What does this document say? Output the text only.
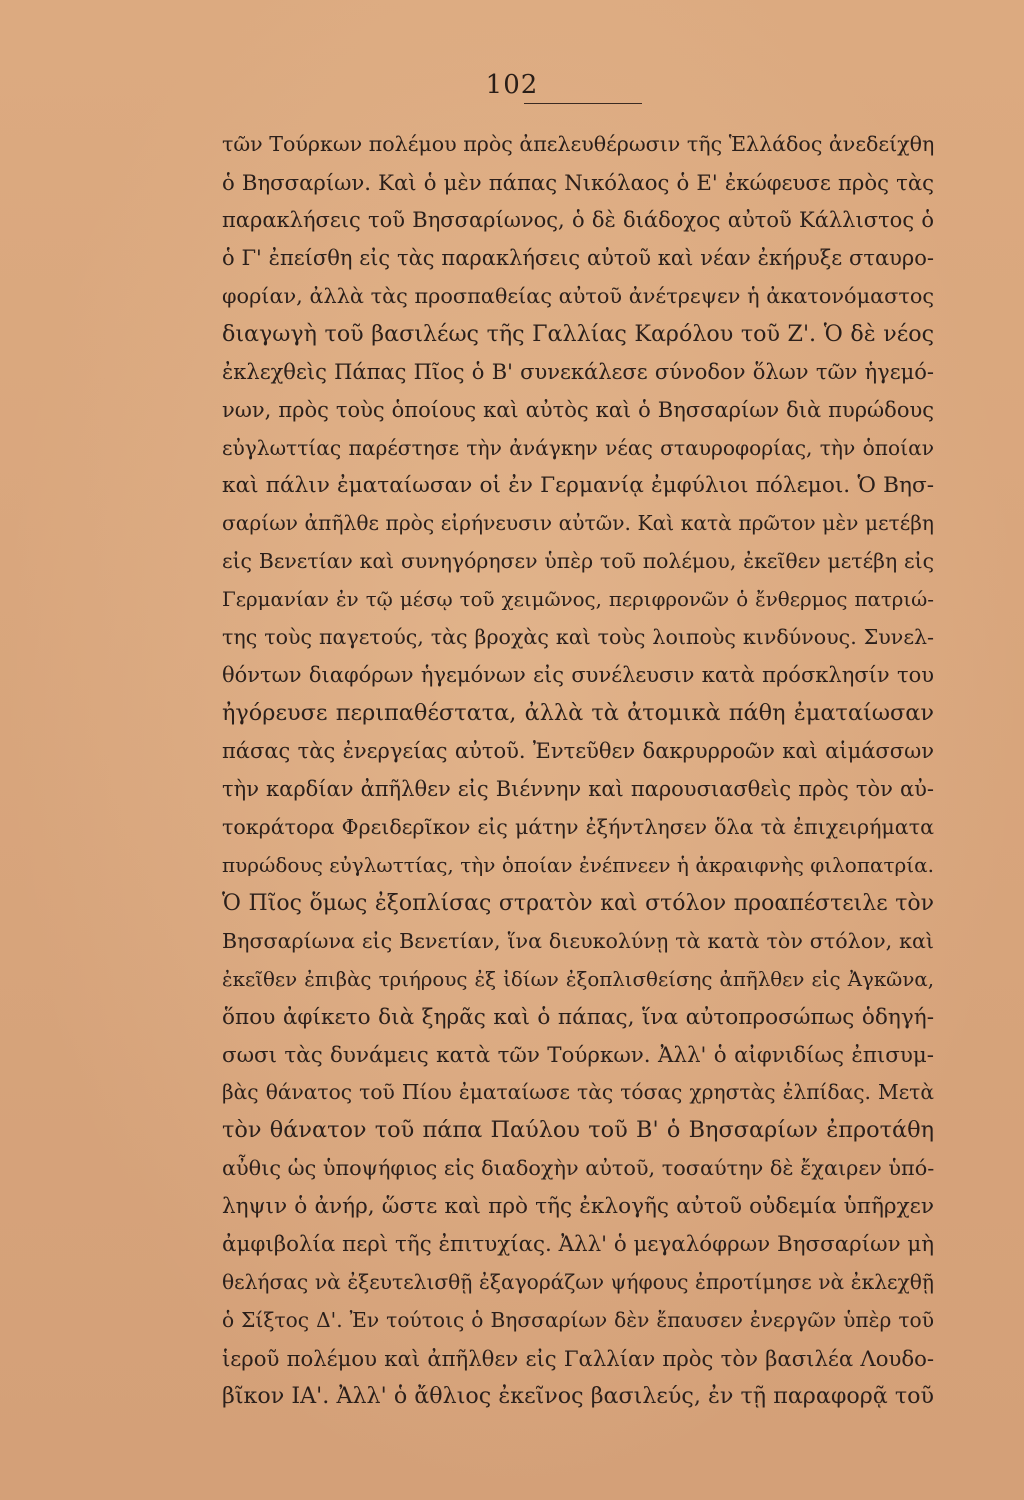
102
τῶν Τούρκων πολέμου πρὸς ἀπελευθέρωσιν τῆς Ἑλλάδος ἀνεδείχθη
ὁ Βησσαρίων. Καὶ ὁ μὲν πάπας Νικόλαος ὁ Ε' ἐκώφευσε πρὸς τὰς
παρακλήσεις τοῦ Βησσαρίωνος, ὁ δὲ διάδοχος αὐτοῦ Κάλλιστος ὁ
ὁ Γ' ἐπείσθη εἰς τὰς παρακλήσεις αὐτοῦ καὶ νέαν ἐκήρυξε σταυρο-
φορίαν, ἀλλὰ τὰς προσπαθείας αὐτοῦ ἀνέτρεψεν ἡ ἀκατονόμαστος
διαγωγὴ τοῦ βασιλέως τῆς Γαλλίας Καρόλου τοῦ Ζ'. Ὁ δὲ νέος
ἐκλεχθεὶς Πάπας Πῖος ὁ Β' συνεκάλεσε σύνοδον ὅλων τῶν ἡγεμό-
νων, πρὸς τοὺς ὁποίους καὶ αὐτὸς καὶ ὁ Βησσαρίων διὰ πυρώδους
εὐγλωττίας παρέστησε τὴν ἀνάγκην νέας σταυροφορίας, τὴν ὁποίαν
καὶ πάλιν ἐματαίωσαν οἱ ἐν Γερμανίᾳ ἐμφύλιοι πόλεμοι. Ὁ Βησ-
σαρίων ἀπῆλθε πρὸς εἰρήνευσιν αὐτῶν. Καὶ κατὰ πρῶτον μὲν μετέβη
εἰς Βενετίαν καὶ συνηγόρησεν ὑπὲρ τοῦ πολέμου, ἐκεῖθεν μετέβη εἰς
Γερμανίαν ἐν τῷ μέσῳ τοῦ χειμῶνος, περιφρονῶν ὁ ἔνθερμος πατριώ-
της τοὺς παγετούς, τὰς βροχὰς καὶ τοὺς λοιποὺς κινδύνους. Συνελ-
θόντων διαφόρων ἡγεμόνων εἰς συνέλευσιν κατὰ πρόσκλησίν του
ἠγόρευσε περιπαθέστατα, ἀλλὰ τὰ ἀτομικὰ πάθη ἐματαίωσαν
πάσας τὰς ἐνεργείας αὐτοῦ. Ἐντεῦθεν δακρυρροῶν καὶ αἱμάσσων
τὴν καρδίαν ἀπῆλθεν εἰς Βιέννην καὶ παρουσιασθεὶς πρὸς τὸν αὐ-
τοκράτορα Φρειδερῖκον εἰς μάτην ἐξήντλησεν ὅλα τὰ ἐπιχειρήματα
πυρώδους εὐγλωττίας, τὴν ὁποίαν ἐνέπνεεν ἡ ἀκραιφνὴς φιλοπατρία.
Ὁ Πῖος ὅμως ἐξοπλίσας στρατὸν καὶ στόλον προαπέστειλε τὸν
Βησσαρίωνα εἰς Βενετίαν, ἵνα διευκολύνῃ τὰ κατὰ τὸν στόλον, καὶ
ἐκεῖθεν ἐπιβὰς τριήρους ἐξ ἰδίων ἐξοπλισθείσης ἀπῆλθεν εἰς Ἀγκῶνα,
ὅπου ἀφίκετο διὰ ξηρᾶς καὶ ὁ πάπας, ἵνα αὐτοπροσώπως ὁδηγή-
σωσι τὰς δυνάμεις κατὰ τῶν Τούρκων. Ἀλλ' ὁ αἰφνιδίως ἐπισυμ-
βὰς θάνατος τοῦ Πίου ἐματαίωσε τὰς τόσας χρηστὰς ἐλπίδας. Μετὰ
τὸν θάνατον τοῦ πάπα Παύλου τοῦ Β' ὁ Βησσαρίων ἐπροτάθη
αὖθις ὡς ὑποψήφιος εἰς διαδοχὴν αὐτοῦ, τοσαύτην δὲ ἔχαιρεν ὑπό-
ληψιν ὁ ἀνήρ, ὥστε καὶ πρὸ τῆς ἐκλογῆς αὐτοῦ οὐδεμία ὑπῆρχεν
ἀμφιβολία περὶ τῆς ἐπιτυχίας. Ἀλλ' ὁ μεγαλόφρων Βησσαρίων μὴ
θελήσας νὰ ἐξευτελισθῇ ἐξαγοράζων ψήφους ἐπροτίμησε νὰ ἐκλεχθῇ
ὁ Σίξτος Δ'. Ἐν τούτοις ὁ Βησσαρίων δὲν ἔπαυσεν ἐνεργῶν ὑπὲρ τοῦ
ἱεροῦ πολέμου καὶ ἀπῆλθεν εἰς Γαλλίαν πρὸς τὸν βασιλέα Λουδο-
βῖκον ΙΑ'. Ἀλλ' ὁ ἄθλιος ἐκεῖνος βασιλεύς, ἐν τῇ παραφορᾷ τοῦ
